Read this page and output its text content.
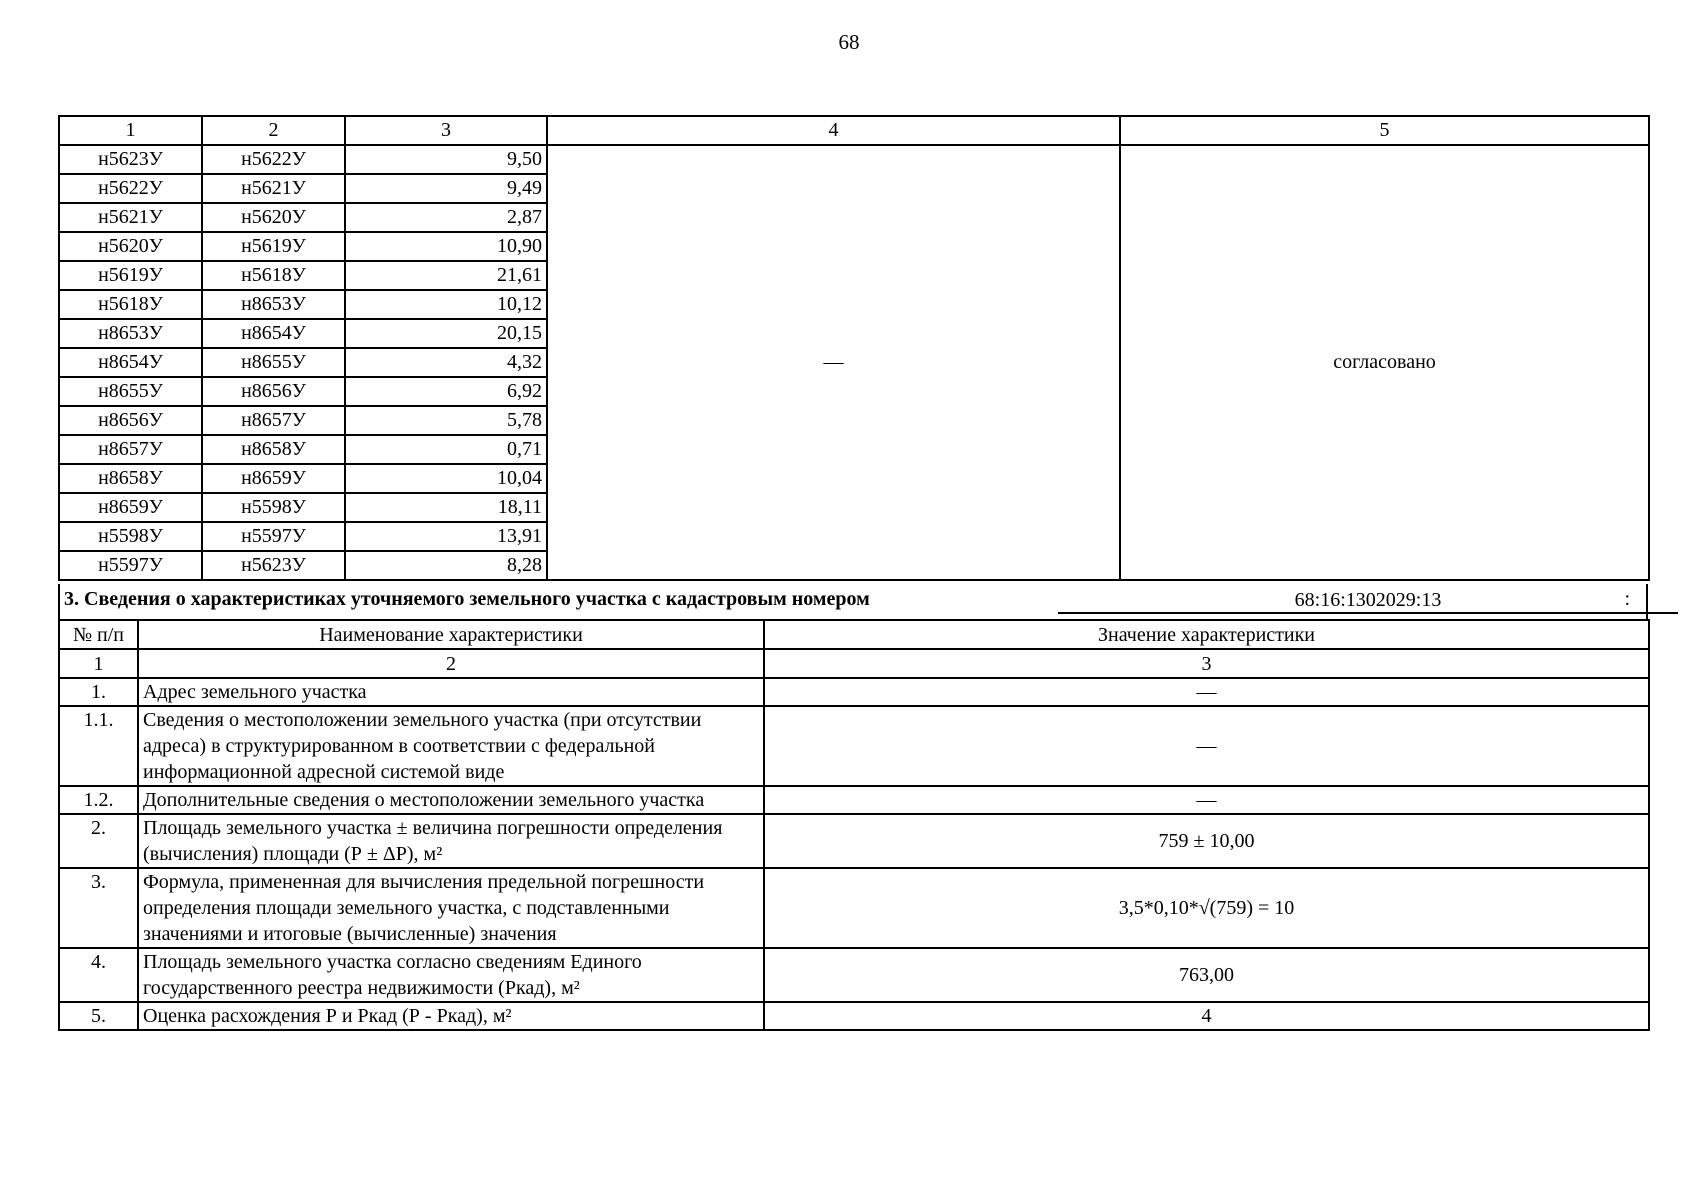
68
1	2	3	4	5
н5623У	н5622У	9,50	—	согласовано
н5622У	н5621У	9,49		
н5621У	н5620У	2,87		
н5620У	н5619У	10,90		
н5619У	н5618У	21,61		
н5618У	н8653У	10,12		
н8653У	н8654У	20,15		
н8654У	н8655У	4,32		
н8655У	н8656У	6,92		
н8656У	н8657У	5,78		
н8657У	н8658У	0,71		
н8658У	н8659У	10,04		
н8659У	н5598У	18,11		
н5598У	н5597У	13,91		
н5597У	н5623У	8,28		
3. Сведения о характеристиках уточняемого земельного участка с кадастровым номером	68:16:1302029:13	:
№ п/п	Наименование характеристики	Значение характеристики
1	2	3
1.	Адрес земельного участка	—
1.1.	Сведения о местоположении земельного участка (при отсутствии адреса) в структурированном в соответствии с федеральной информационной адресной системой виде	—
1.2.	Дополнительные сведения о местоположении земельного участка	—
2.	Площадь земельного участка ± величина погрешности определения (вычисления) площади (Р ± ΔР), м²	759 ± 10,00
3.	Формула, примененная для вычисления предельной погрешности определения площади земельного участка, с подставленными значениями и итоговые (вычисленные) значения	3,5*0,10*√(759) = 10
4.	Площадь земельного участка согласно сведениям Единого государственного реестра недвижимости (Ркад), м²	763,00
5.	Оценка расхождения Р и Ркад (Р - Ркад), м²	4
